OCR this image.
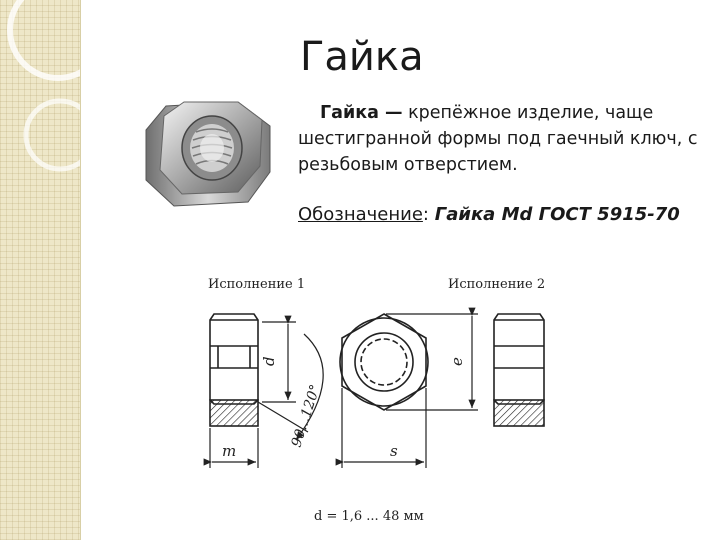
Гайка
Гайка — крепёжное изделие, чаще шестигранной формы под гаечный ключ, с резьбовым отверстием.
Обозначение: Гайка Md ГОСТ 5915-70
Исполнение 1	Исполнение 2
d
90...120°
m	s
e
d = 1,6 ... 48 мм
